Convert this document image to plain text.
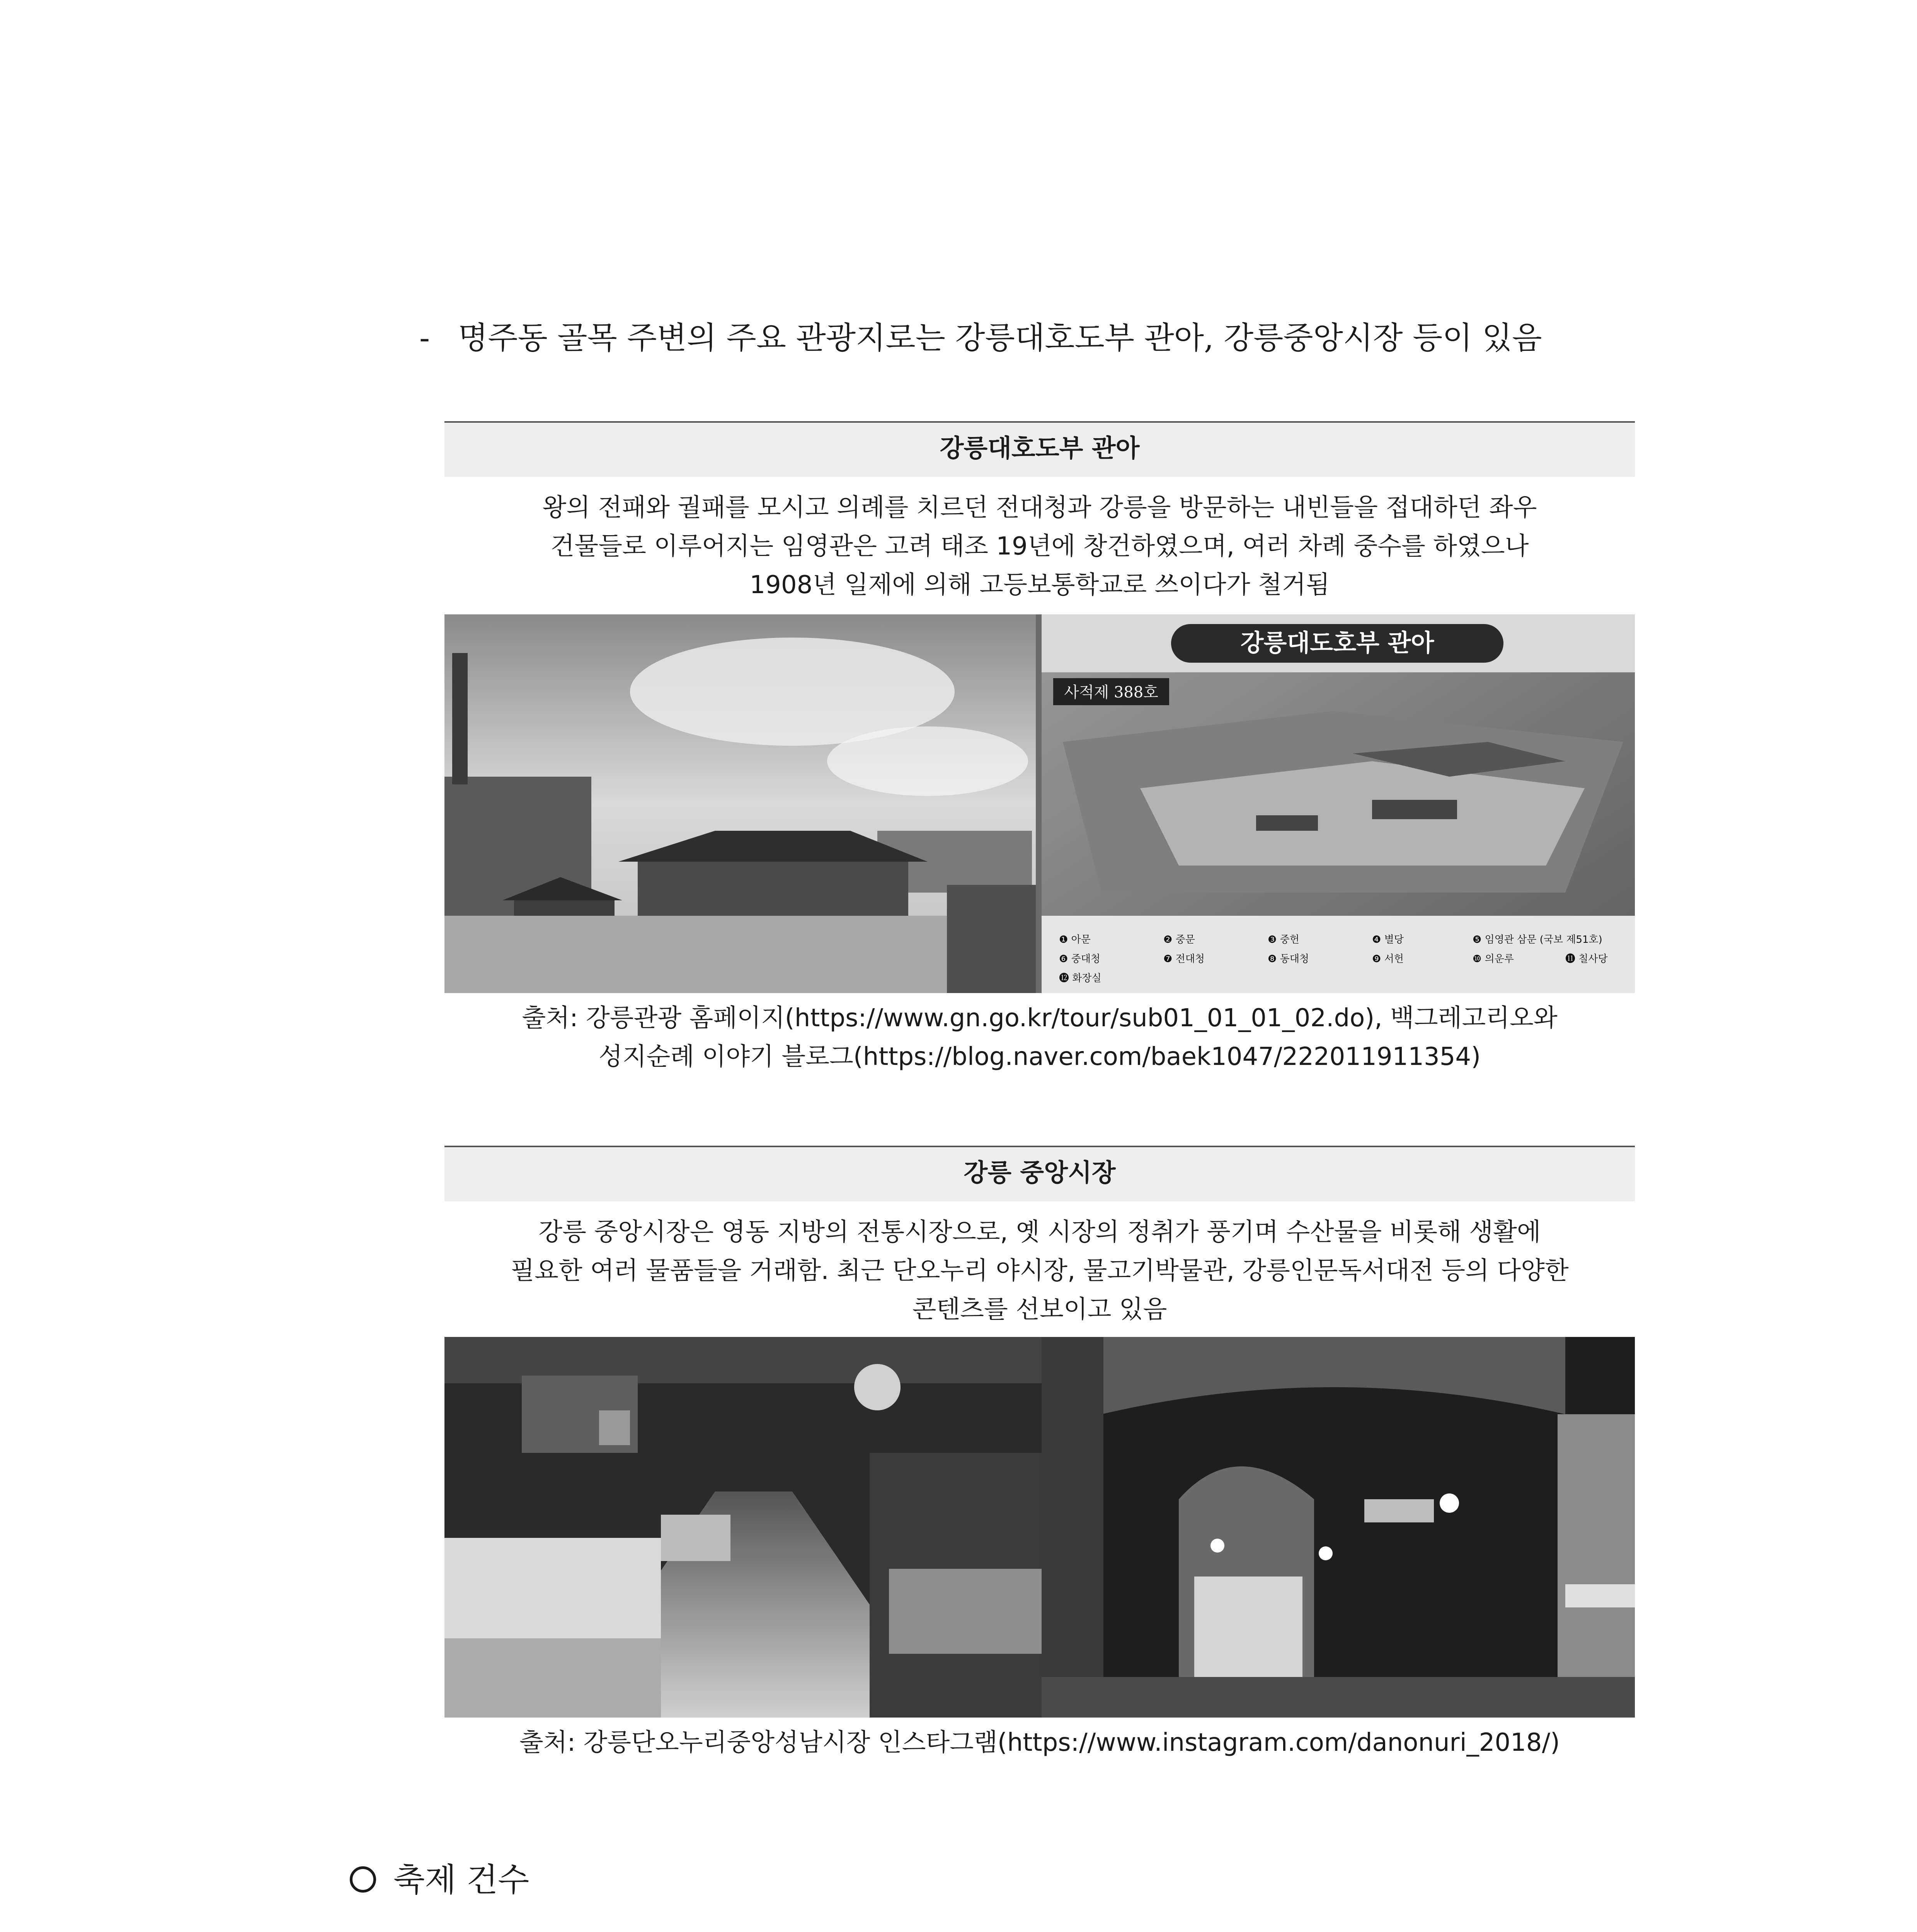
- 명주동 골목 주변의 주요 관광지로는 강릉대호도부 관아, 강릉중앙시장 등이 있음
강릉대호도부 관아
왕의 전패와 궐패를 모시고 의례를 치르던 전대청과 강릉을 방문하는 내빈들을 접대하던 좌우
건물들로 이루어지는 임영관은 고려 태조 19년에 창건하였으며, 여러 차례 중수를 하였으나
1908년 일제에 의해 고등보통학교로 쓰이다가 철거됨
강릉대도호부 관아
사적제 388호
❶ 아문	❷ 중문	❸ 중헌	❹ 별당	❺ 임영관 삼문 (국보 제51호)
❻ 중대청	❼ 전대청	❽ 동대청	❾ 서헌	❿ 의운루	⓫ 칠사당
⓬ 화장실
출처: 강릉관광 홈페이지(https://www.gn.go.kr/tour/sub01_01_01_02.do), 백그레고리오와
성지순례 이야기 블로그(https://blog.naver.com/baek1047/222011911354)
강릉 중앙시장
강릉 중앙시장은 영동 지방의 전통시장으로, 옛 시장의 정취가 풍기며 수산물을 비롯해 생활에
필요한 여러 물품들을 거래함. 최근 단오누리 야시장, 물고기박물관, 강릉인문독서대전 등의 다양한
콘텐츠를 선보이고 있음
출처: 강릉단오누리중앙성남시장 인스타그램(https://www.instagram.com/danonuri_2018/)
축제 건수
